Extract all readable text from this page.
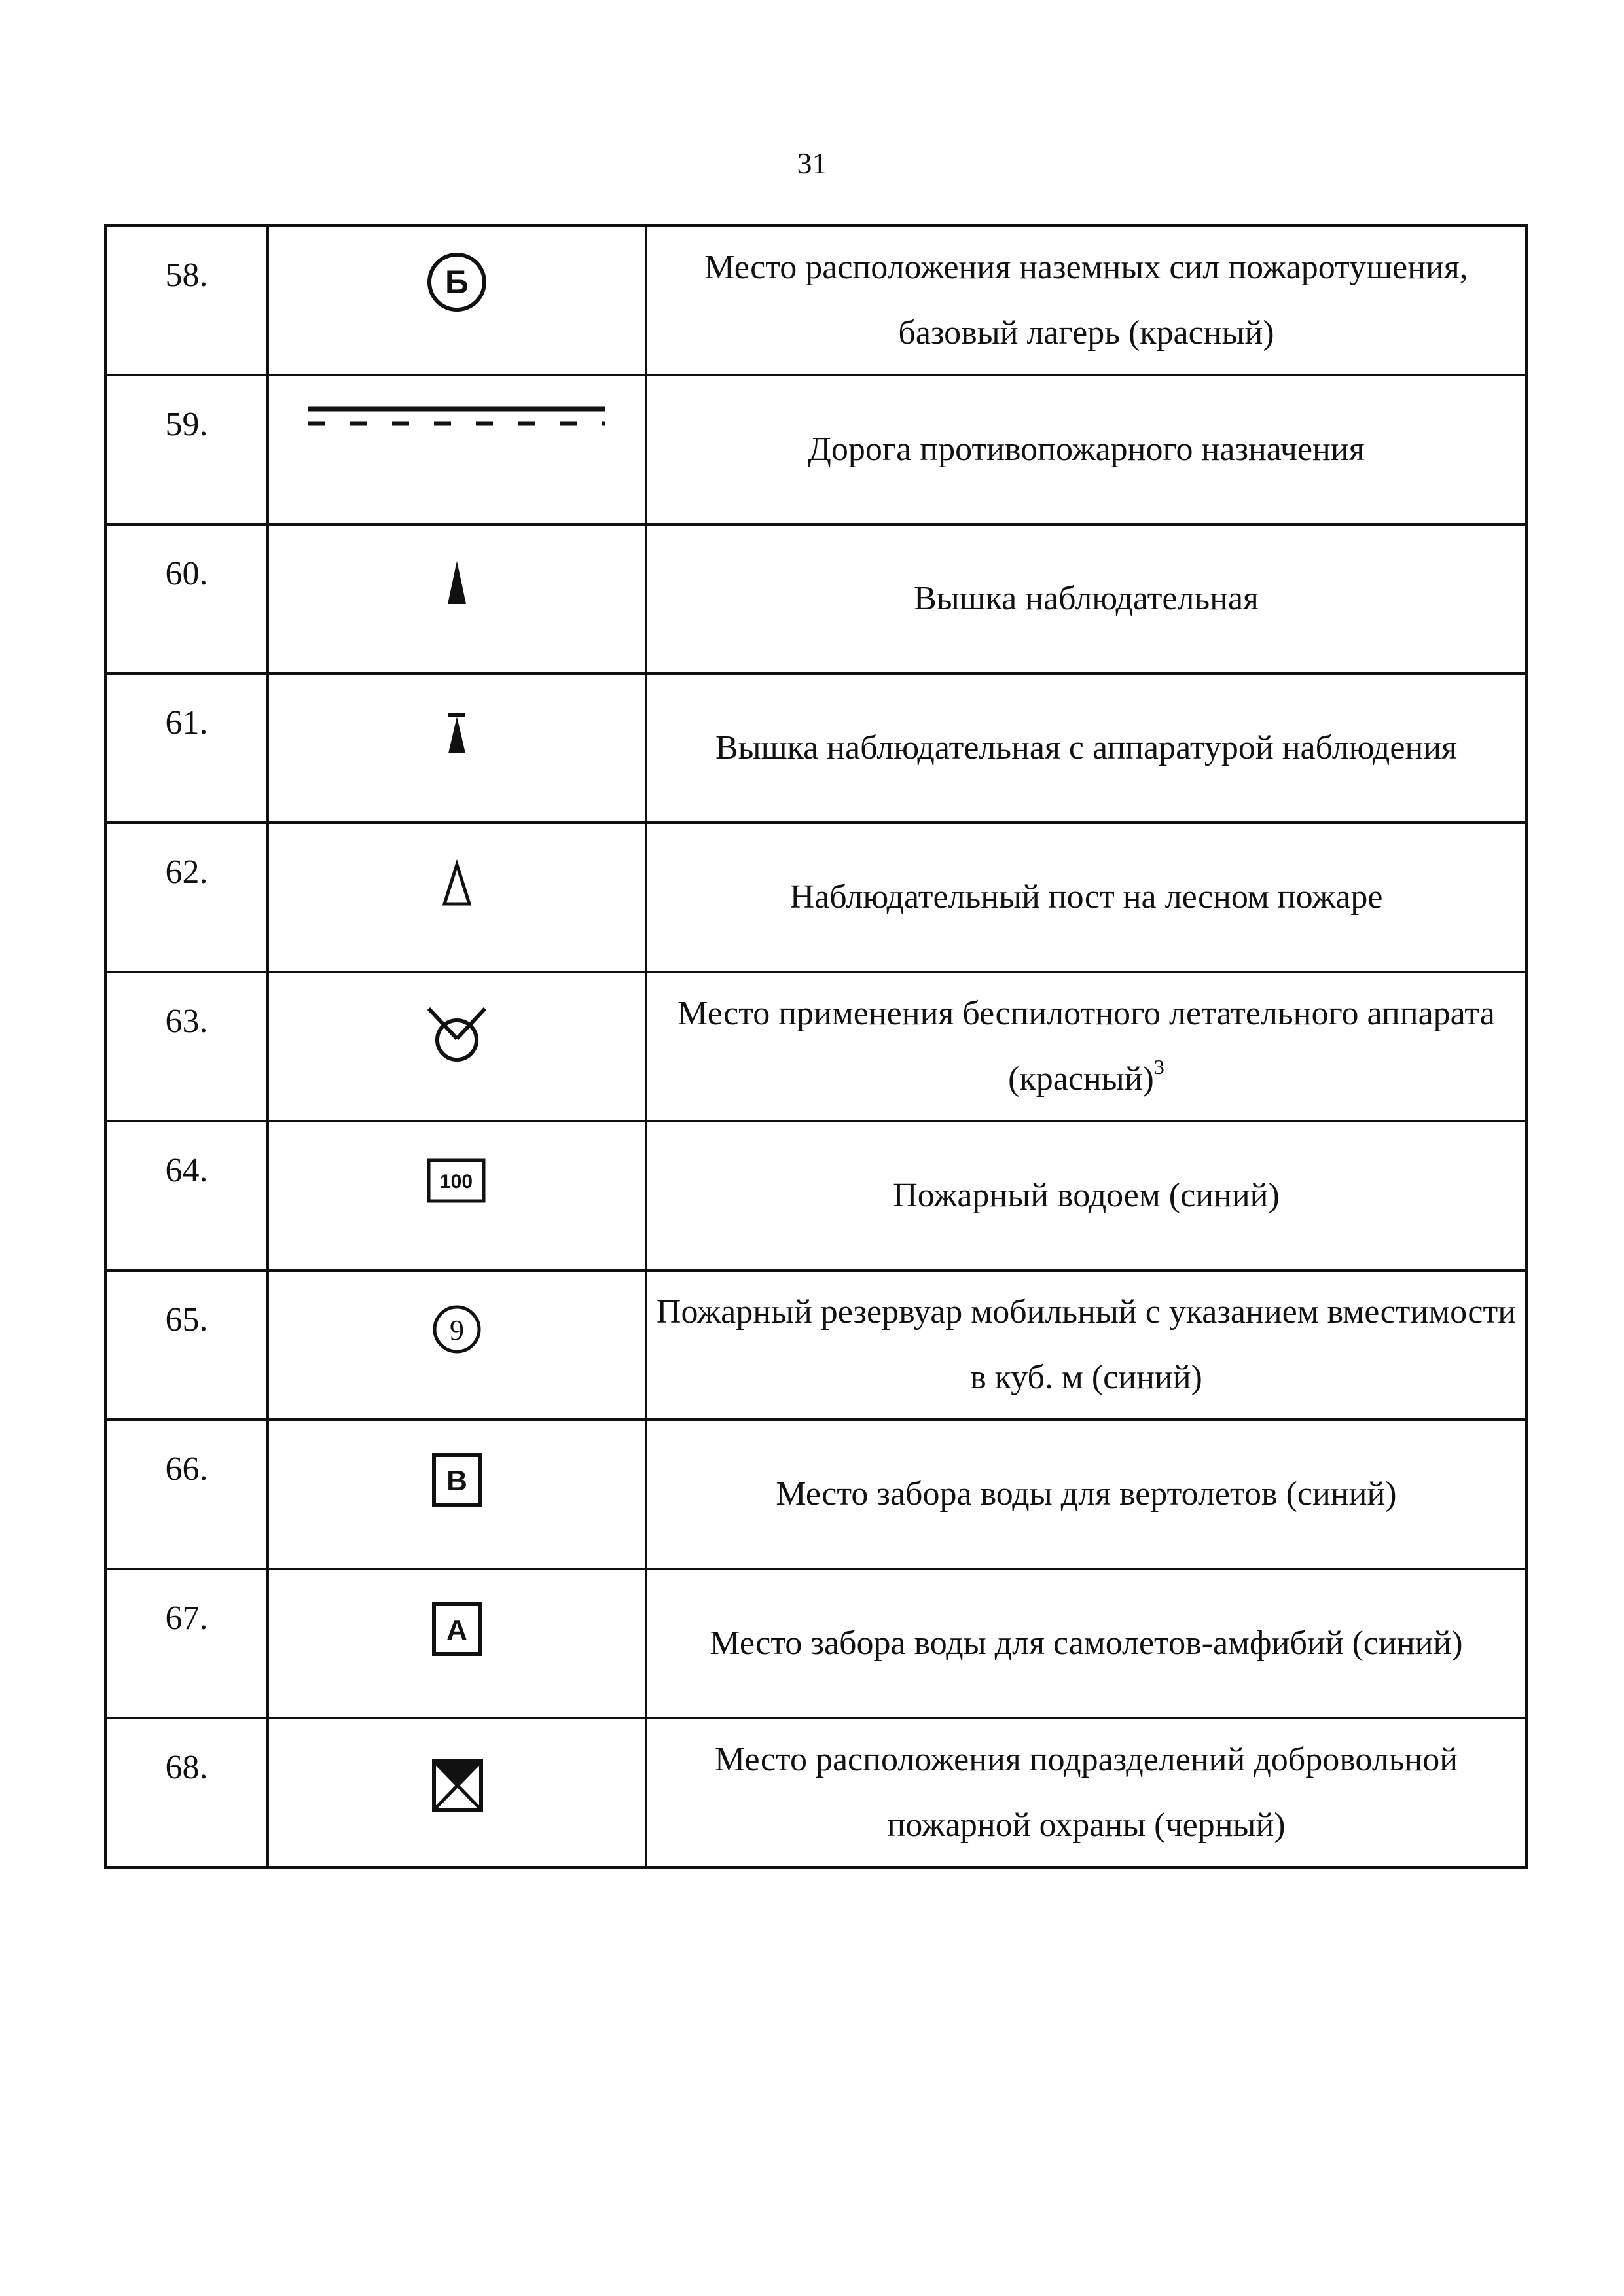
31
58.	Б	Место расположения наземных сил пожаротушения, базовый лагерь (красный)
59.		Дорога противопожарного назначения
60.		Вышка наблюдательная
61.		Вышка наблюдательная с аппаратурой наблюдения
62.		Наблюдательный пост на лесном пожаре
63.		Место применения беспилотного летательного аппарата (красный)$^3$
64.	100	Пожарный водоем (синий)
65.	9	Пожарный резервуар мобильный с указанием вместимости в куб. м (синий)
66.	В	Место забора воды для вертолетов (синий)
67.	А	Место забора воды для самолетов-амфибий (синий)
68.		Место расположения подразделений добровольной пожарной охраны (черный)
